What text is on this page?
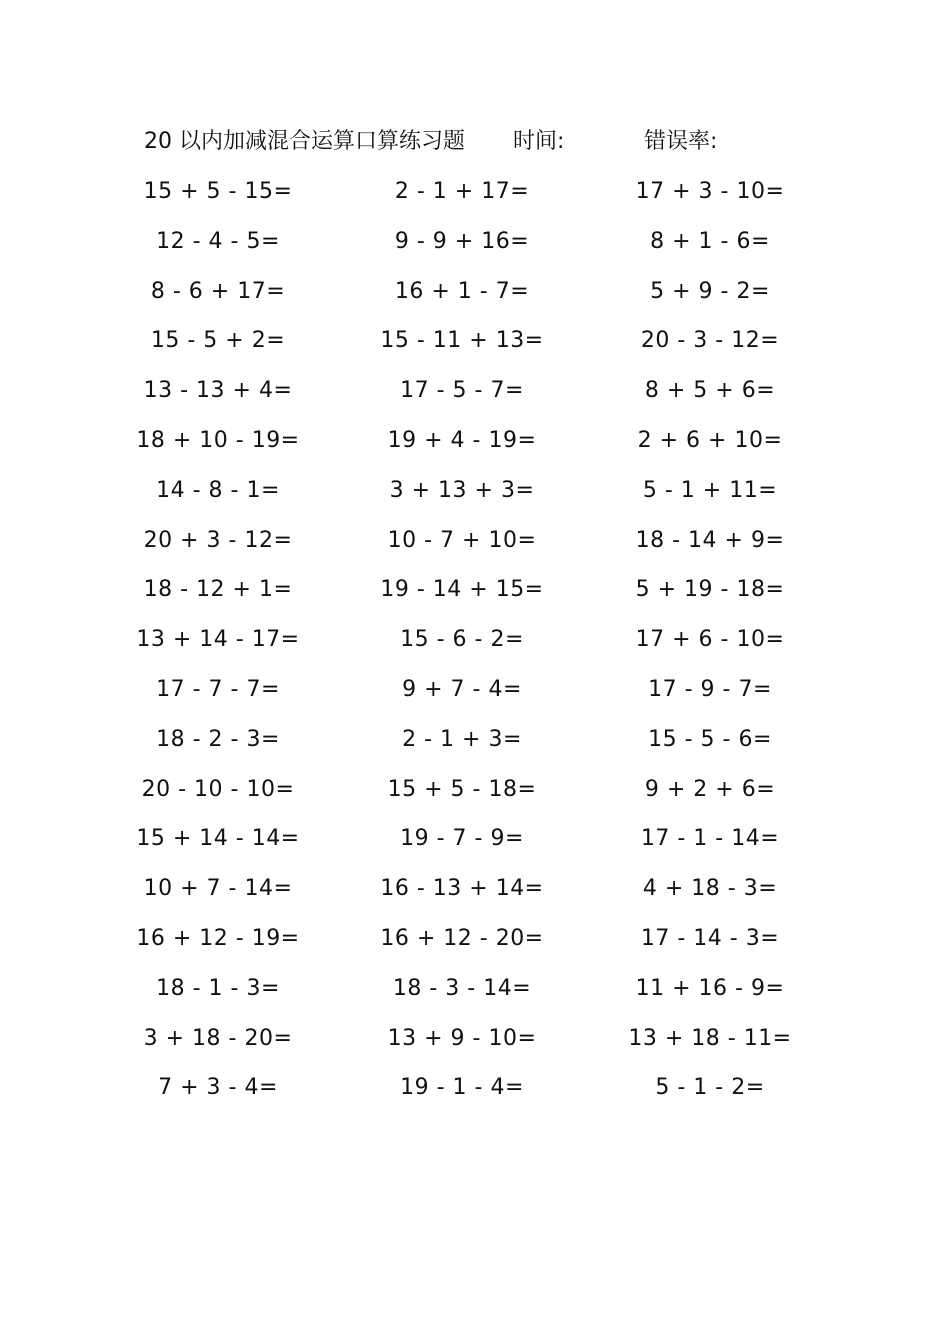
20 以内加减混合运算口算练习题 时间:	错误率:
15 + 5 - 15=	2 - 1 + 17=	17 + 3 - 10=
12 - 4 - 5=	9 - 9 + 16=	8 + 1 - 6=
8 - 6 + 17=	16 + 1 - 7=	5 + 9 - 2=
15 - 5 + 2=	15 - 11 + 13=	20 - 3 - 12=
13 - 13 + 4=	17 - 5 - 7=	8 + 5 + 6=
18 + 10 - 19=	19 + 4 - 19=	2 + 6 + 10=
14 - 8 - 1=	3 + 13 + 3=	5 - 1 + 11=
20 + 3 - 12=	10 - 7 + 10=	18 - 14 + 9=
18 - 12 + 1=	19 - 14 + 15=	5 + 19 - 18=
13 + 14 - 17=	15 - 6 - 2=	17 + 6 - 10=
17 - 7 - 7=	9 + 7 - 4=	17 - 9 - 7=
18 - 2 - 3=	2 - 1 + 3=	15 - 5 - 6=
20 - 10 - 10=	15 + 5 - 18=	9 + 2 + 6=
15 + 14 - 14=	19 - 7 - 9=	17 - 1 - 14=
10 + 7 - 14=	16 - 13 + 14=	4 + 18 - 3=
16 + 12 - 19=	16 + 12 - 20=	17 - 14 - 3=
18 - 1 - 3=	18 - 3 - 14=	11 + 16 - 9=
3 + 18 - 20=	13 + 9 - 10=	13 + 18 - 11=
7 + 3 - 4=	19 - 1 - 4=	5 - 1 - 2=
